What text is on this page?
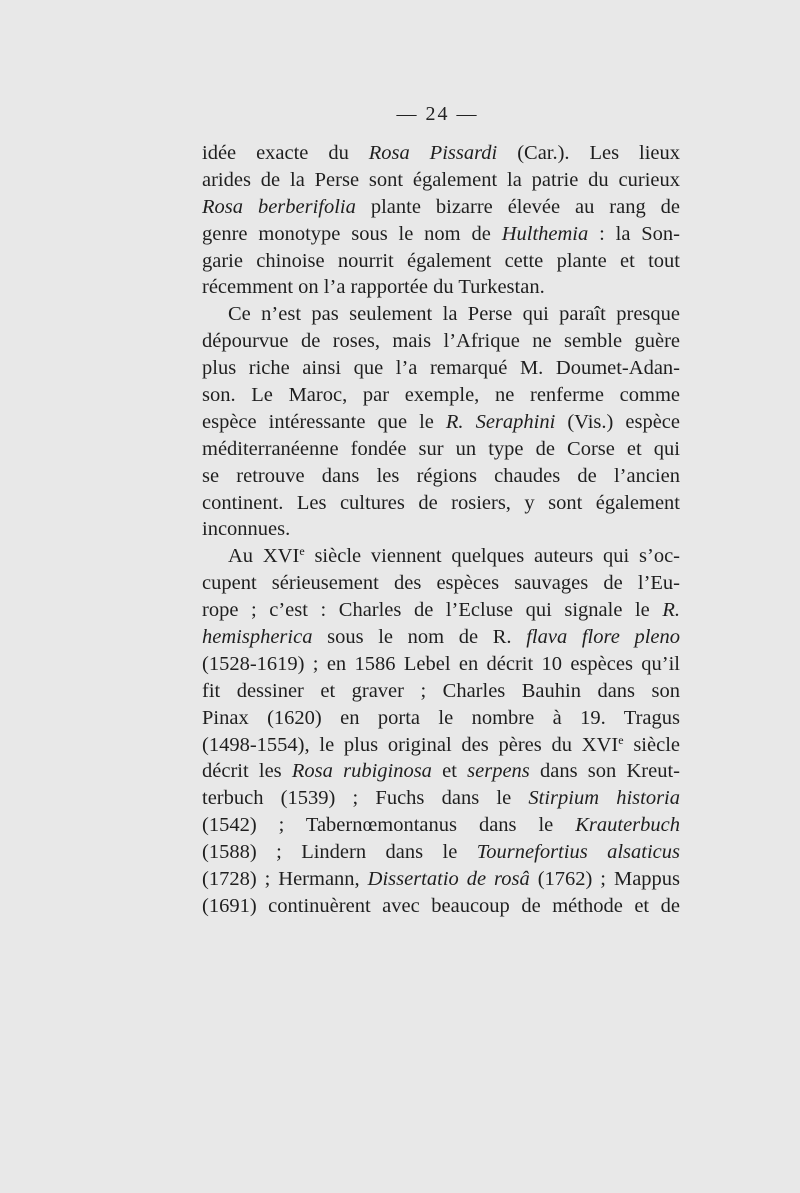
— 24 —
idée exacte du Rosa Pissardi (Car.). Les lieux
arides de la Perse sont également la patrie du curieux
Rosa berberifolia plante bizarre élevée au rang de
genre monotype sous le nom de Hulthemia : la Son-
garie chinoise nourrit également cette plante et tout
récemment on l’a rapportée du Turkestan.
Ce n’est pas seulement la Perse qui paraît presque
dépourvue de roses, mais l’Afrique ne semble guère
plus riche ainsi que l’a remarqué M. Doumet-Adan-
son. Le Maroc, par exemple, ne renferme comme
espèce intéressante que le R. Seraphini (Vis.) espèce
méditerranéenne fondée sur un type de Corse et qui
se retrouve dans les régions chaudes de l’ancien
continent. Les cultures de rosiers, y sont également
inconnues.
Au XVIe siècle viennent quelques auteurs qui s’oc-
cupent sérieusement des espèces sauvages de l’Eu-
rope ; c’est : Charles de l’Ecluse qui signale le R.
hemispherica sous le nom de R. flava flore pleno
(1528-1619) ; en 1586 Lebel en décrit 10 espèces qu’il
fit dessiner et graver ; Charles Bauhin dans son
Pinax (1620) en porta le nombre à 19. Tragus
(1498-1554), le plus original des pères du XVIe siècle
décrit les Rosa rubiginosa et serpens dans son Kreut-
terbuch (1539) ; Fuchs dans le Stirpium historia
(1542) ; Tabernœmontanus dans le Krauterbuch
(1588) ; Lindern dans le Tournefortius alsaticus
(1728) ; Hermann, Dissertatio de rosâ (1762) ; Mappus
(1691) continuèrent avec beaucoup de méthode et de
